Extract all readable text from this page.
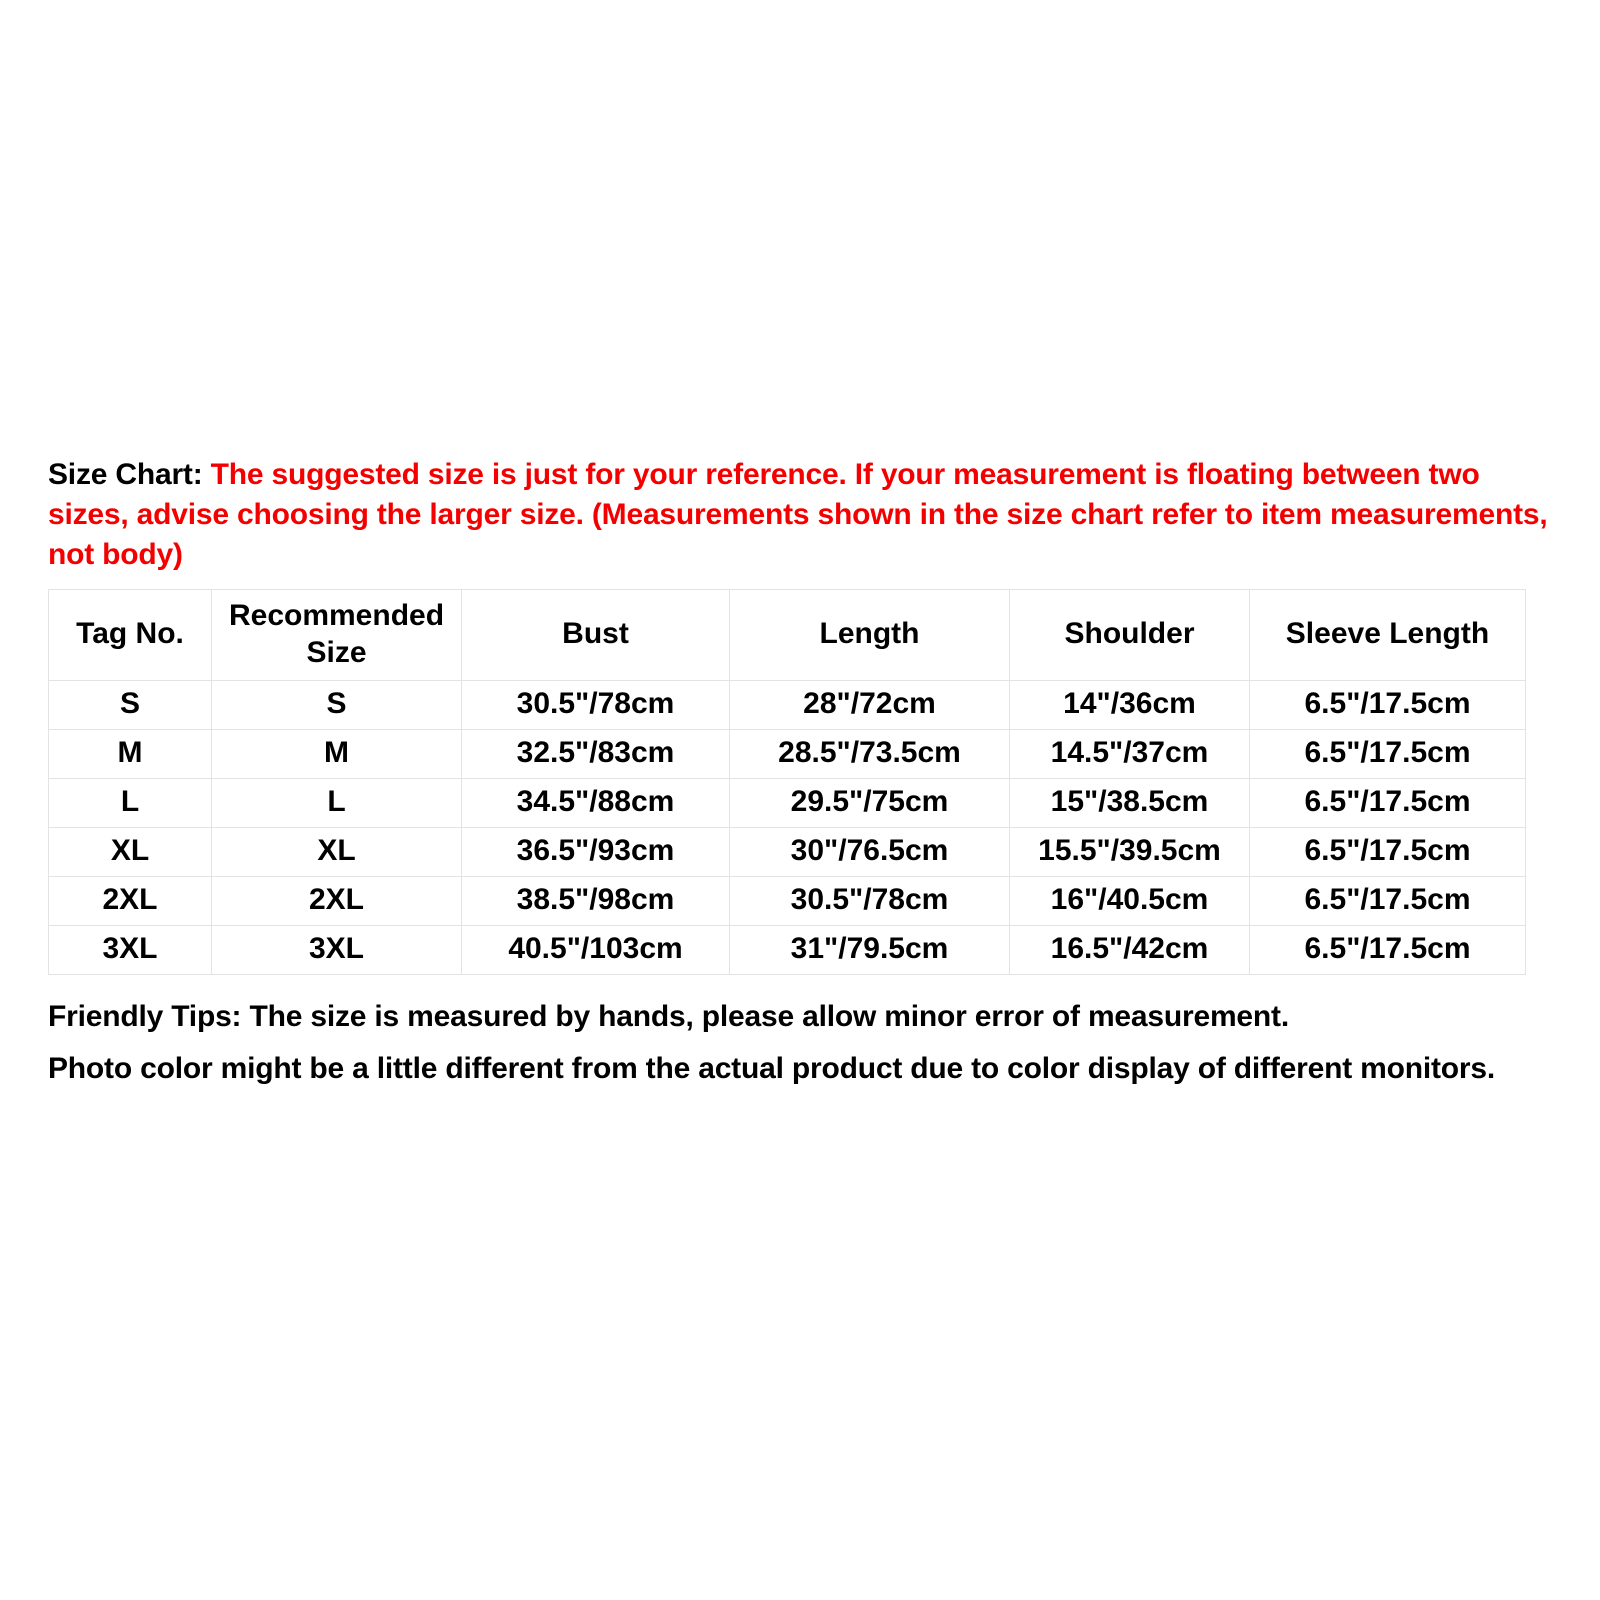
Size Chart: The suggested size is just for your reference. If your measurement is floating between two sizes, advise choosing the larger size. (Measurements shown in the size chart refer to item measurements, not body)
Tag No.	Recommended Size	Bust	Length	Shoulder	Sleeve Length
S	S	30.5"/78cm	28"/72cm	14"/36cm	6.5"/17.5cm
M	M	32.5"/83cm	28.5"/73.5cm	14.5"/37cm	6.5"/17.5cm
L	L	34.5"/88cm	29.5"/75cm	15"/38.5cm	6.5"/17.5cm
XL	XL	36.5"/93cm	30"/76.5cm	15.5"/39.5cm	6.5"/17.5cm
2XL	2XL	38.5"/98cm	30.5"/78cm	16"/40.5cm	6.5"/17.5cm
3XL	3XL	40.5"/103cm	31"/79.5cm	16.5"/42cm	6.5"/17.5cm

Friendly Tips: The size is measured by hands, please allow minor error of measurement.

Photo color might be a little different from the actual product due to color display of different monitors.
